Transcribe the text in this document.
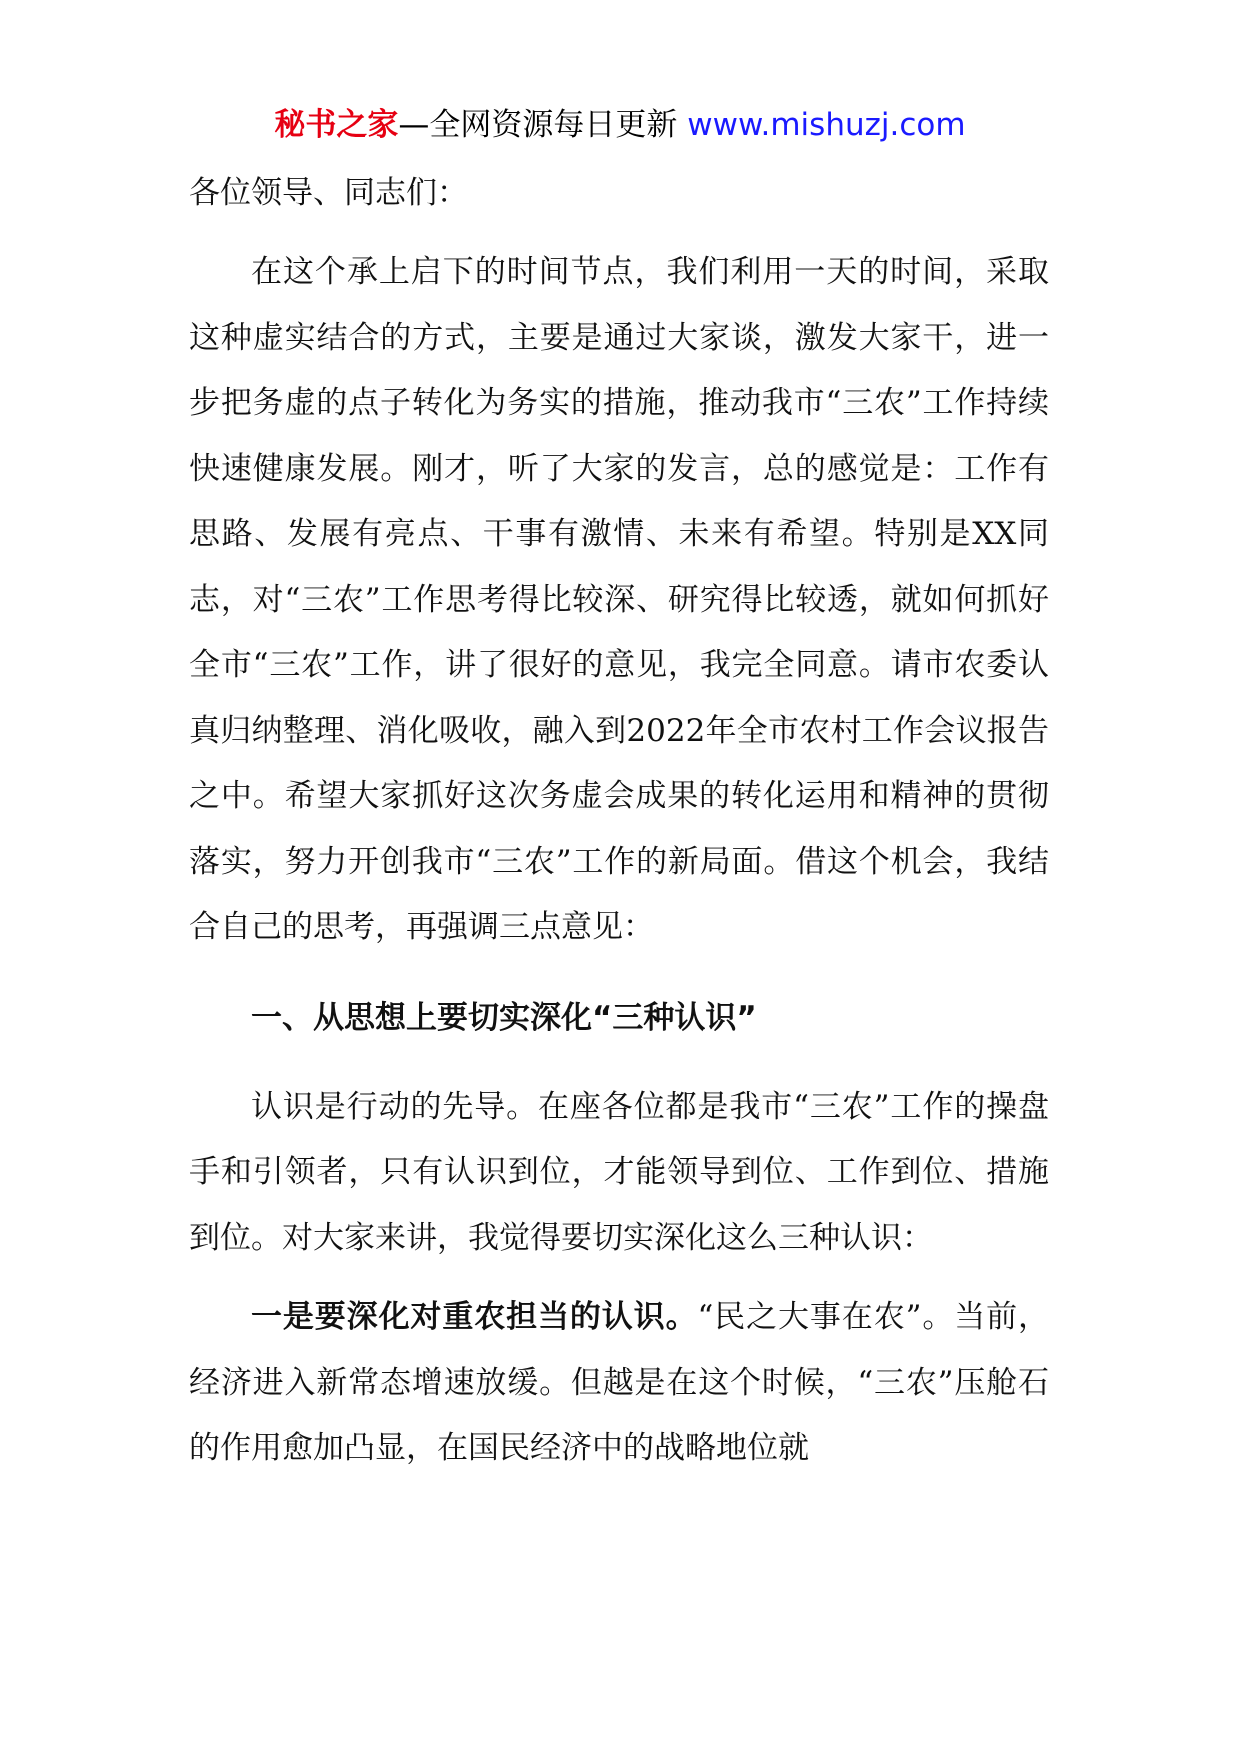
秘书之家—全网资源每日更新 www.mishuzj.com

各位领导、同志们：

在这个承上启下的时间节点，我们利用一天的时间，采取这种虚实结合的方式，主要是通过大家谈，激发大家干，进一步把务虚的点子转化为务实的措施，推动我市“三农”工作持续快速健康发展。刚才，听了大家的发言，总的感觉是：工作有思路、发展有亮点、干事有激情、未来有希望。特别是XX同志，对“三农”工作思考得比较深、研究得比较透，就如何抓好全市“三农”工作，讲了很好的意见，我完全同意。请市农委认真归纳整理、消化吸收，融入到2022年全市农村工作会议报告之中。希望大家抓好这次务虚会成果的转化运用和精神的贯彻落实，努力开创我市“三农”工作的新局面。借这个机会，我结合自己的思考，再强调三点意见：

一、从思想上要切实深化“三种认识”

认识是行动的先导。在座各位都是我市“三农”工作的操盘手和引领者，只有认识到位，才能领导到位、工作到位、措施到位。对大家来讲，我觉得要切实深化这么三种认识：

一是要深化对重农担当的认识。“民之大事在农”。当前，经济进入新常态增速放缓。但越是在这个时候，“三农”压舱石的作用愈加凸显，在国民经济中的战略地位就
